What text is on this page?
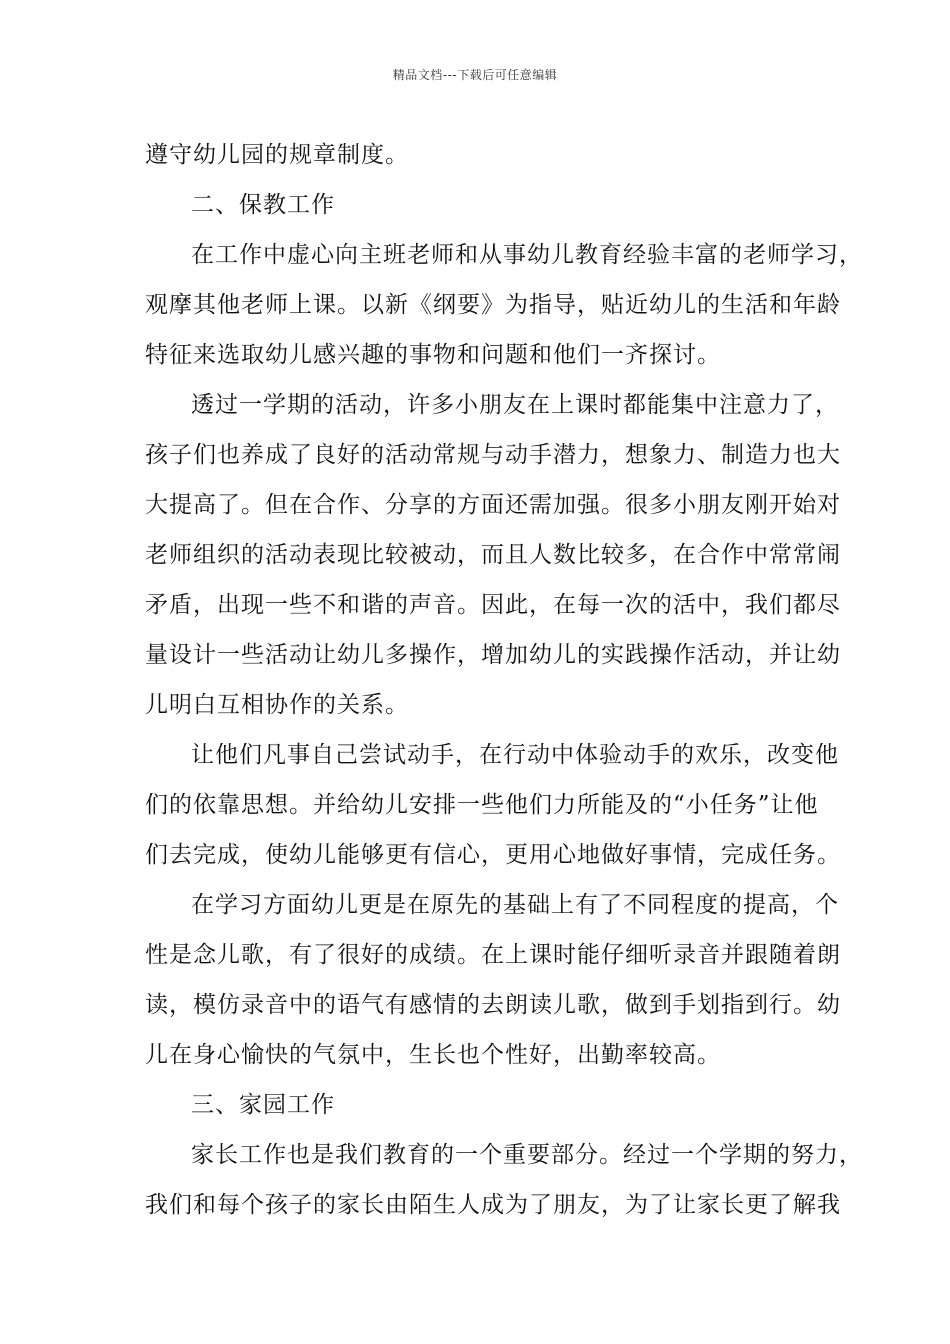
精品文档---下载后可任意编辑
遵守幼儿园的规章制度。
二、保教工作
在工作中虚心向主班老师和从事幼儿教育经验丰富的老师学习，
观摩其他老师上课。以新《纲要》为指导，贴近幼儿的生活和年龄
特征来选取幼儿感兴趣的事物和问题和他们一齐探讨。
透过一学期的活动，许多小朋友在上课时都能集中注意力了，
孩子们也养成了良好的活动常规与动手潜力，想象力、制造力也大
大提高了。但在合作、分享的方面还需加强。很多小朋友刚开始对
老师组织的活动表现比较被动，而且人数比较多，在合作中常常闹
矛盾，出现一些不和谐的声音。因此，在每一次的活中，我们都尽
量设计一些活动让幼儿多操作，增加幼儿的实践操作活动，并让幼
儿明白互相协作的关系。
让他们凡事自己尝试动手，在行动中体验动手的欢乐，改变他
们的依靠思想。并给幼儿安排一些他们力所能及的“小任务”让他
们去完成，使幼儿能够更有信心，更用心地做好事情，完成任务。
在学习方面幼儿更是在原先的基础上有了不同程度的提高，个
性是念儿歌，有了很好的成绩。在上课时能仔细听录音并跟随着朗
读，模仿录音中的语气有感情的去朗读儿歌，做到手划指到行。幼
儿在身心愉快的气氛中，生长也个性好，出勤率较高。
三、家园工作
家长工作也是我们教育的一个重要部分。经过一个学期的努力，
我们和每个孩子的家长由陌生人成为了朋友，为了让家长更了解我
